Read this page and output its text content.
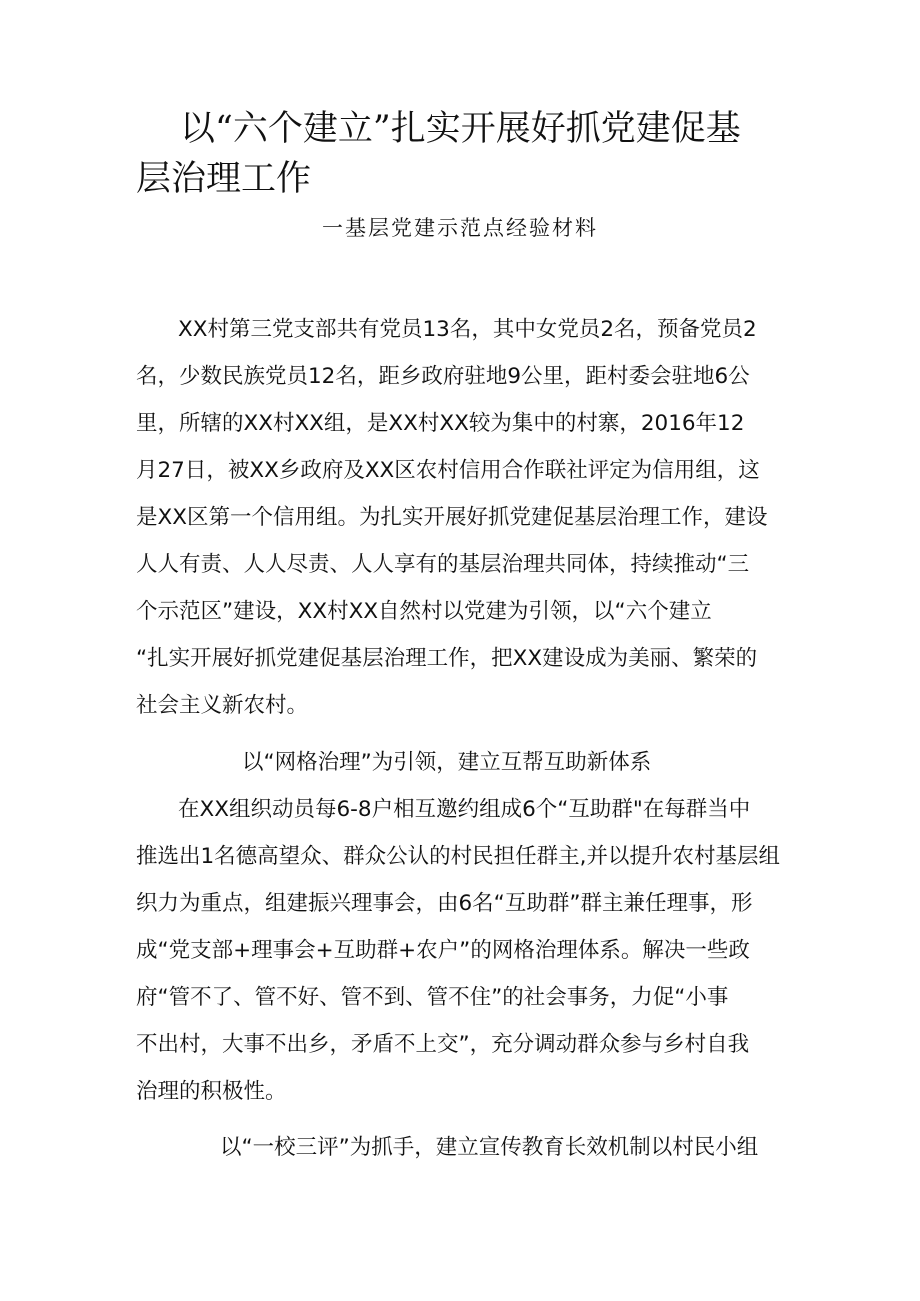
以“六个建立”扎实开展好抓党建促基
层治理工作
一基层党建示范点经验材料
XX村第三党支部共有党员13名，其中女党员2名，预备党员2
名，少数民族党员12名，距乡政府驻地9公里，距村委会驻地6公
里，所辖的XX村XX组，是XX村XX较为集中的村寨，2016年12
月27日，被XX乡政府及XX区农村信用合作联社评定为信用组，这
是XX区第一个信用组。为扎实开展好抓党建促基层治理工作，建设
人人有责、人人尽责、人人享有的基层治理共同体，持续推动“三
个示范区”建设，XX村XX自然村以党建为引领，以“六个建立
“扎实开展好抓党建促基层治理工作，把XX建设成为美丽、繁荣的
社会主义新农村。
以“网格治理”为引领，建立互帮互助新体系
在XX组织动员每6-8户相互邀约组成6个“互助群"在每群当中
推选出1名德高望众、群众公认的村民担任群主,并以提升农村基层组
织力为重点，组建振兴理事会，由6名“互助群”群主兼任理事，形
成“党支部+理事会+互助群+农户”的网格治理体系。解决一些政
府“管不了、管不好、管不到、管不住”的社会事务，力促“小事
不出村，大事不出乡，矛盾不上交”，充分调动群众参与乡村自我
治理的积极性。
以“一校三评”为抓手，建立宣传教育长效机制以村民小组
